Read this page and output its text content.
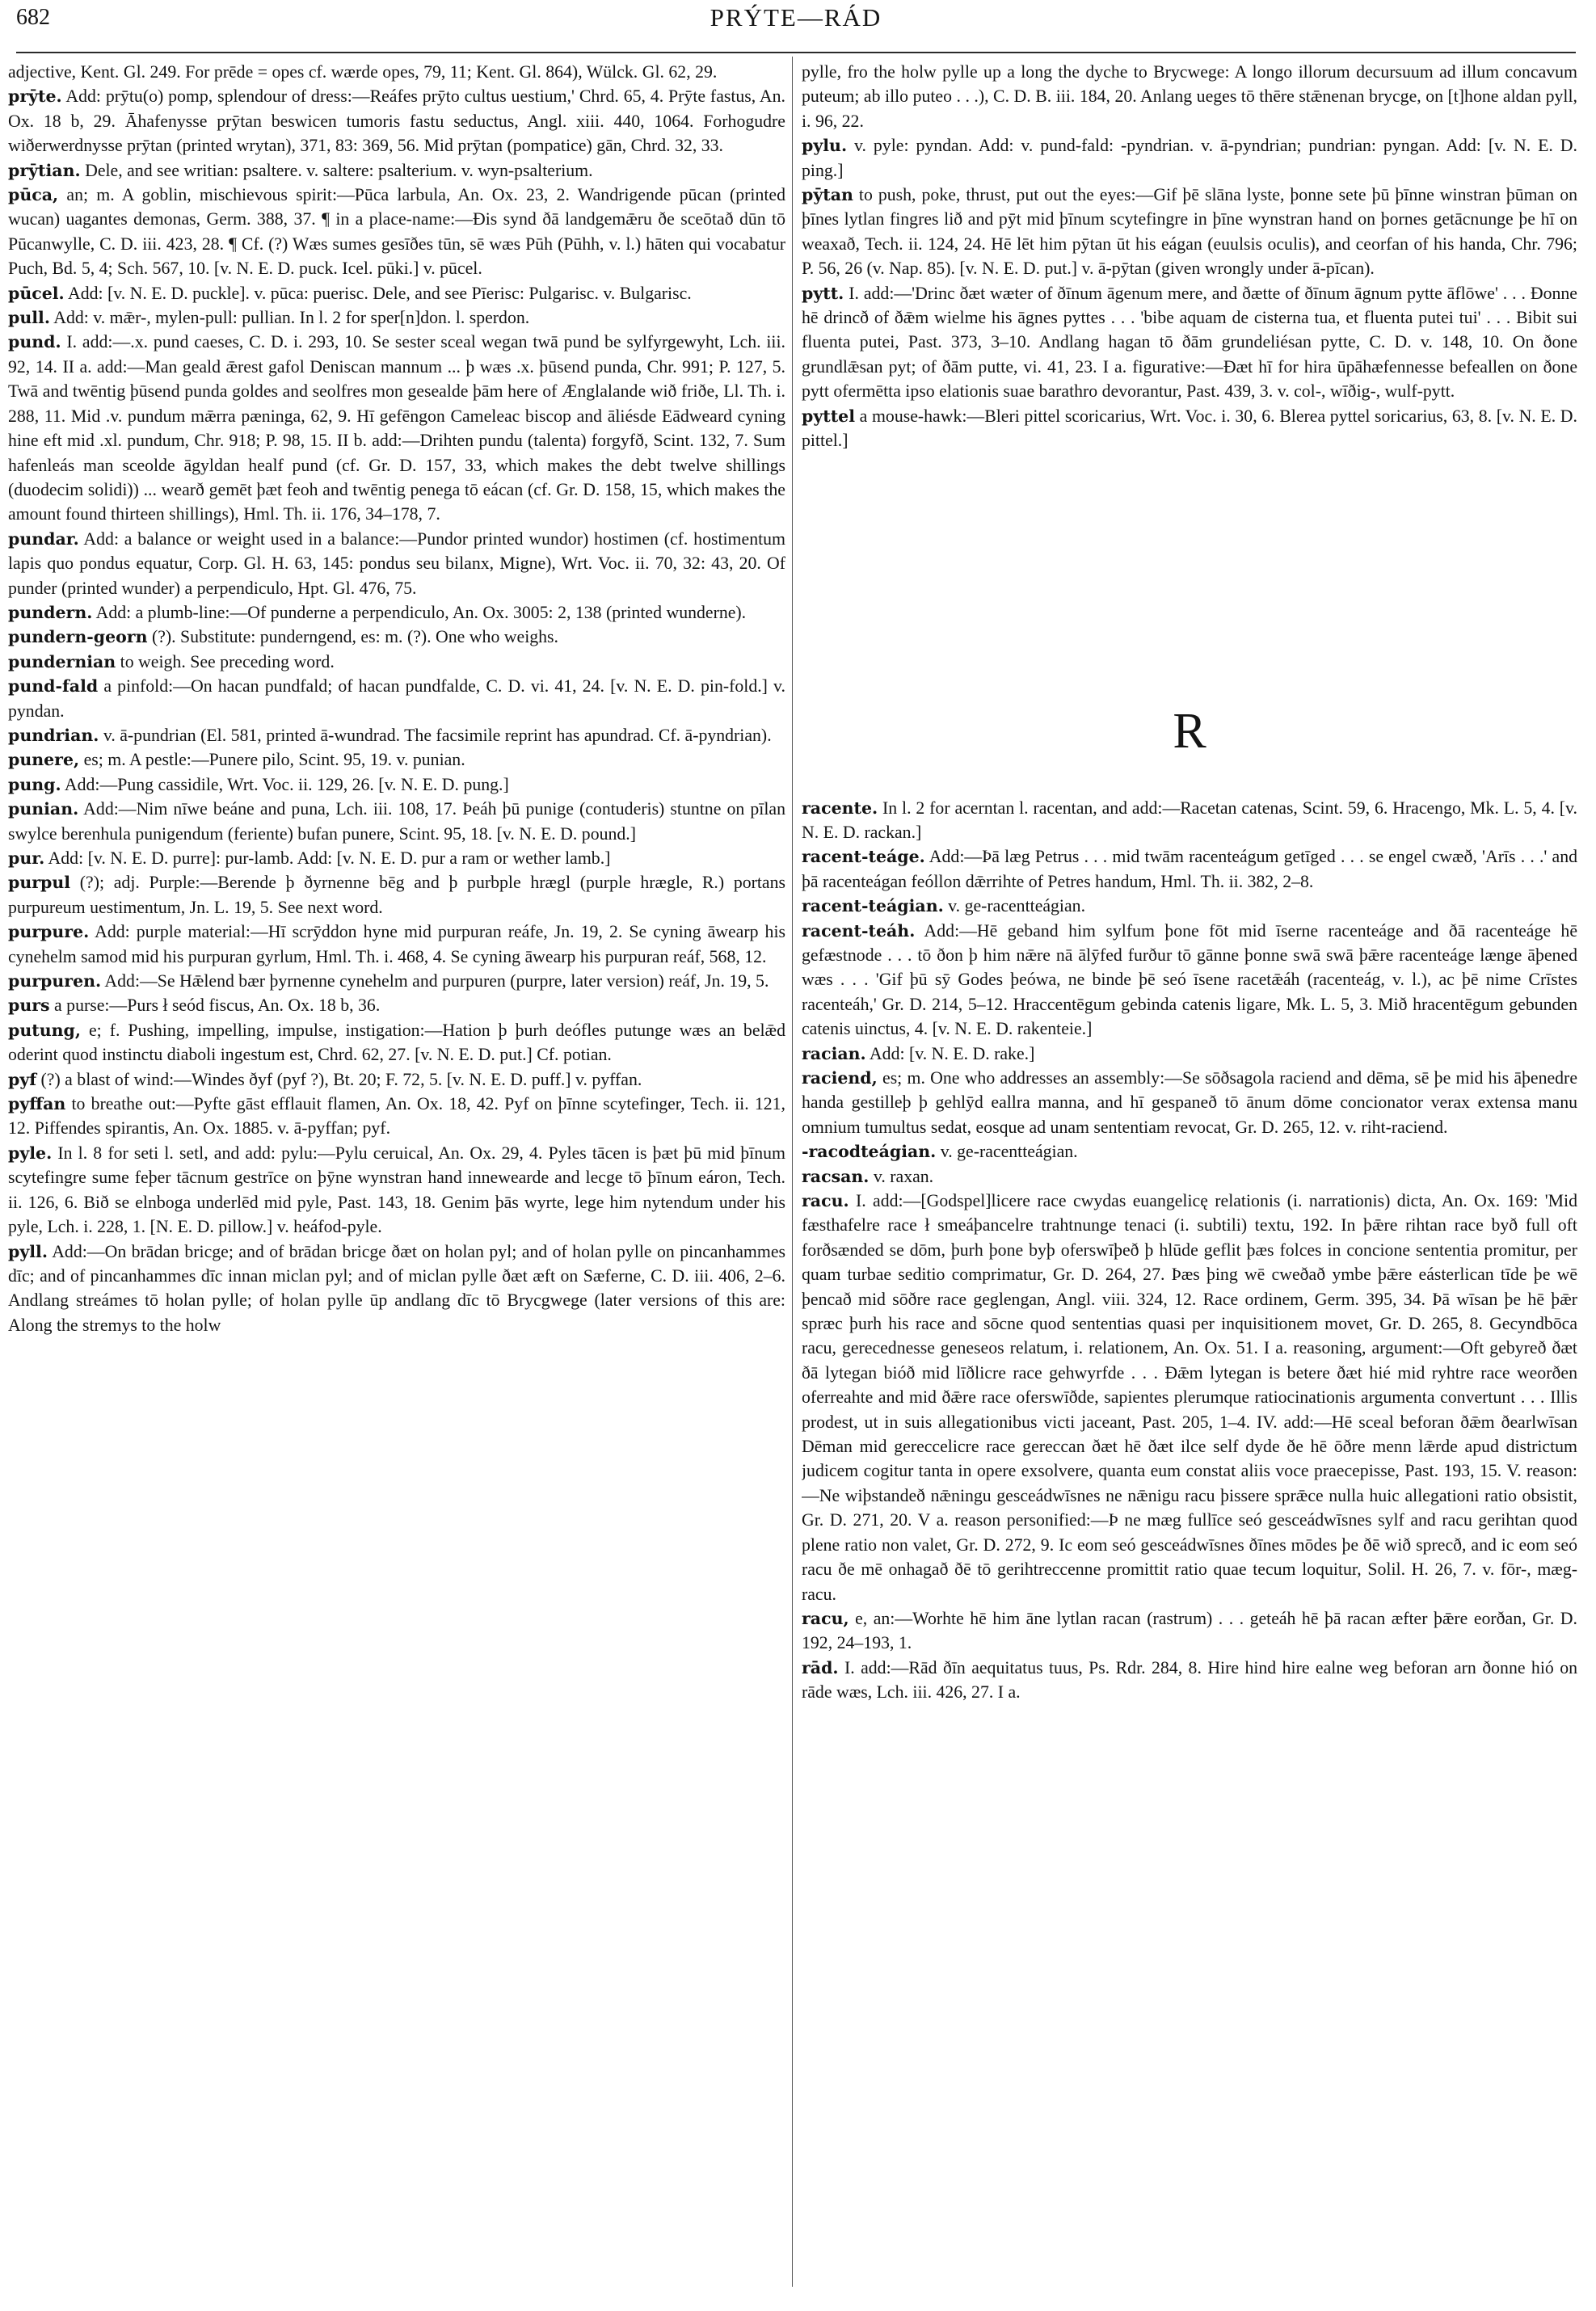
682	PRÝTE—RÁD

adjective, Kent. Gl. 249. For prēde = opes cf. wærde opes, 79, 11; Kent. Gl. 864), Wülck. Gl. 62, 29.

prȳte. Add: prȳtu(o) pomp, splendour of dress:—Reáfes prȳto cultus uestium,' Chrd. 65, 4. Prȳte fastus, An. Ox. 18 b, 29. Āhafenysse prȳtan beswicen tumoris fastu seductus, Angl. xiii. 440, 1064. Forhogudre wiðerwerdnysse prȳtan (printed wrytan), 371, 83: 369, 56. Mid prȳtan (pompatice) gān, Chrd. 32, 33.

prȳtian. Dele, and see writian: psaltere. v. saltere: psalterium. v. wyn-psalterium.

pūca, an; m. A goblin, mischievous spirit:—Pūca larbula, An. Ox. 23, 2. Wandrigende pūcan (printed wucan) uagantes demonas, Germ. 388, 37. ¶ in a place-name:—Ðis synd ðā landgemǣru ðe sceōtað dūn tō Pūcanwylle, C. D. iii. 423, 28. ¶ Cf. (?) Wæs sumes gesīðes tūn, sē wæs Pūh (Pūhh, v. l.) hāten qui vocabatur Puch, Bd. 5, 4; Sch. 567, 10. [v. N. E. D. puck. Icel. pūki.] v. pūcel.

pūcel. Add: [v. N. E. D. puckle]. v. pūca: puerisc. Dele, and see Pīerisc: Pulgarisc. v. Bulgarisc.

pull. Add: v. mǣr-, mylen-pull: pullian. In l. 2 for sper[n]don. l. sperdon.

pund. I. add:—.x. pund caeses, C. D. i. 293, 10. Se sester sceal wegan twā pund be sylfyrgewyht, Lch. iii. 92, 14. II a. add:—Man geald ǣrest gafol Deniscan mannum ... þ wæs .x. þūsend punda, Chr. 991; P. 127, 5. Twā and twēntig þūsend punda goldes and seolfres mon gesealde þām here of Ænglalande wið friðe, Ll. Th. i. 288, 11. Mid .v. pundum mǣrra pæninga, 62, 9. Hī gefēngon Cameleac biscop and āliésde Eādweard cyning hine eft mid .xl. pundum, Chr. 918; P. 98, 15. II b. add:—Drihten pundu (talenta) forgyfð, Scint. 132, 7. Sum hafenleás man sceolde āgyldan healf pund (cf. Gr. D. 157, 33, which makes the debt twelve shillings (duodecim solidi)) ... wearð gemēt þæt feoh and twēntig penega tō eácan (cf. Gr. D. 158, 15, which makes the amount found thirteen shillings), Hml. Th. ii. 176, 34–178, 7.

pundar. Add: a balance or weight used in a balance:—Pundor printed wundor) hostimen (cf. hostimentum lapis quo pondus equatur, Corp. Gl. H. 63, 145: pondus seu bilanx, Migne), Wrt. Voc. ii. 70, 32: 43, 20. Of punder (printed wunder) a perpendiculo, Hpt. Gl. 476, 75.

pundern. Add: a plumb-line:—Of punderne a perpendiculo, An. Ox. 3005: 2, 138 (printed wunderne).

pundern-georn (?). Substitute: punderngend, es: m. (?). One who weighs.

pundernian to weigh. See preceding word.

pund-fald a pinfold:—On hacan pundfald; of hacan pundfalde, C. D. vi. 41, 24. [v. N. E. D. pin-fold.] v. pyndan.

pundrian. v. ā-pundrian (El. 581, printed ā-wundrad. The facsimile reprint has apundrad. Cf. ā-pyndrian).

punere, es; m. A pestle:—Punere pilo, Scint. 95, 19. v. punian.

pung. Add:—Pung cassidile, Wrt. Voc. ii. 129, 26. [v. N. E. D. pung.]

punian. Add:—Nim nīwe beáne and puna, Lch. iii. 108, 17. Þeáh þū punige (contuderis) stuntne on pīlan swylce berenhula punigendum (feriente) bufan punere, Scint. 95, 18. [v. N. E. D. pound.]

pur. Add: [v. N. E. D. purre]: pur-lamb. Add: [v. N. E. D. pur a ram or wether lamb.]

purpul (?); adj. Purple:—Berende þ ðyrnenne bēg and þ purbple hrægl (purple hrægle, R.) portans purpureum uestimentum, Jn. L. 19, 5. See next word.

purpure. Add: purple material:—Hī scrȳddon hyne mid purpuran reáfe, Jn. 19, 2. Se cyning āwearp his cynehelm samod mid his purpuran gyrlum, Hml. Th. i. 468, 4. Se cyning āwearp his purpuran reáf, 568, 12.

purpuren. Add:—Se Hǣlend bær þyrnenne cynehelm and purpuren (purpre, later version) reáf, Jn. 19, 5.

purs a purse:—Purs ł seód fiscus, An. Ox. 18 b, 36.

putung, e; f. Pushing, impelling, impulse, instigation:—Hation þ þurh deófles putunge wæs an belǣd oderint quod instinctu diaboli ingestum est, Chrd. 62, 27. [v. N. E. D. put.] Cf. potian.

pyf (?) a blast of wind:—Windes ðyf (pyf ?), Bt. 20; F. 72, 5. [v. N. E. D. puff.] v. pyffan.

pyffan to breathe out:—Pyfte gāst efflauit flamen, An. Ox. 18, 42. Pyf on þīnne scytefinger, Tech. ii. 121, 12. Piffendes spirantis, An. Ox. 1885. v. ā-pyffan; pyf.

pyle. In l. 8 for seti l. setl, and add: pylu:—Pylu ceruical, An. Ox. 29, 4. Pyles tācen is þæt þū mid þīnum scytefingre sume feþer tācnum gestrīce on þȳne wynstran hand innewearde and lecge tō þīnum eáron, Tech. ii. 126, 6. Bið se elnboga underlēd mid pyle, Past. 143, 18. Genim þās wyrte, lege him nytendum under his pyle, Lch. i. 228, 1. [N. E. D. pillow.] v. heáfod-pyle.

pyll. Add:—On brādan bricge; and of brādan bricge ðæt on holan pyl; and of holan pylle on pincanhammes dīc; and of pincanhammes dīc innan miclan pyl; and of miclan pylle ðæt æft on Sæferne, C. D. iii. 406, 2–6. Andlang streámes tō holan pylle; of holan pylle ūp andlang dīc tō Brycgwege (later versions of this are: Along the stremys to the holw

pylle, fro the holw pylle up a long the dyche to Brycwege: A longo illorum decursuum ad illum concavum puteum; ab illo puteo . . .), C. D. B. iii. 184, 20. Anlang ueges tō thēre stǣnenan brycge, on [t]hone aldan pyll, i. 96, 22.

pylu. v. pyle: pyndan. Add: v. pund-fald: -pyndrian. v. ā-pyndrian; pundrian: pyngan. Add: [v. N. E. D. ping.]

pȳtan to push, poke, thrust, put out the eyes:—Gif þē slāna lyste, þonne sete þū þīnne winstran þūman on þīnes lytlan fingres lið and pȳt mid þīnum scytefingre in þīne wynstran hand on þornes getācnunge þe hī on weaxað, Tech. ii. 124, 24. Hē lēt him pȳtan ūt his eágan (euulsis oculis), and ceorfan of his handa, Chr. 796; P. 56, 26 (v. Nap. 85). [v. N. E. D. put.] v. ā-pȳtan (given wrongly under ā-pīcan).

pytt. I. add:—'Drinc ðæt wæter of ðīnum āgenum mere, and ðætte of ðīnum āgnum pytte āflōwe' . . . Ðonne hē drincð of ðǣm wielme his āgnes pyttes . . . 'bibe aquam de cisterna tua, et fluenta putei tui' . . . Bibit sui fluenta putei, Past. 373, 3–10. Andlang hagan tō ðām grundeliésan pytte, C. D. v. 148, 10. On ðone grundlǣsan pyt; of ðām putte, vi. 41, 23. I a. figurative:—Ðæt hī for hira ūpāhæfennesse befeallen on ðone pytt ofermētta ipso elationis suae barathro devorantur, Past. 439, 3. v. col-, wīðig-, wulf-pytt.

pyttel a mouse-hawk:—Bleri pittel scoricarius, Wrt. Voc. i. 30, 6. Blerea pyttel soricarius, 63, 8. [v. N. E. D. pittel.]

R

racente. In l. 2 for acerntan l. racentan, and add:—Racetan catenas, Scint. 59, 6. Hracengo, Mk. L. 5, 4. [v. N. E. D. rackan.]

racent-teáge. Add:—Þā læg Petrus . . . mid twām racenteágum getīged . . . se engel cwæð, 'Arīs . . .' and þā racenteágan feóllon dǣrrihte of Petres handum, Hml. Th. ii. 382, 2–8.

racent-teágian. v. ge-racentteágian.

racent-teáh. Add:—Hē geband him sylfum þone fōt mid īserne racenteáge and ðā racenteáge hē gefæstnode . . . tō ðon þ him nǣre nā ālȳfed furður tō gānne þonne swā swā þǣre racenteáge længe āþened wæs . . . 'Gif þū sȳ Godes þeówa, ne binde þē seó īsene racetǣáh (racenteág, v. l.), ac þē nime Crīstes racenteáh,' Gr. D. 214, 5–12. Hraccentēgum gebinda catenis ligare, Mk. L. 5, 3. Mið hracentēgum gebunden catenis uinctus, 4. [v. N. E. D. rakenteie.]

racian. Add: [v. N. E. D. rake.]

raciend, es; m. One who addresses an assembly:—Se sōðsagola raciend and dēma, sē þe mid his āþenedre handa gestilleþ þ gehlȳd eallra manna, and hī gespaneð tō ānum dōme concionator verax extensa manu omnium tumultus sedat, eosque ad unam sententiam revocat, Gr. D. 265, 12. v. riht-raciend.

-racodteágian. v. ge-racentteágian.

racsan. v. raxan.

racu. I. add:—[Godspel]licere race cwydas euangelicę relationis (i. narrationis) dicta, An. Ox. 169: 'Mid fæsthafelre race ł smeáþancelre trahtnunge tenaci (i. subtili) textu, 192. In þǣre rihtan race byð full oft forðsænded se dōm, þurh þone byþ oferswīþeð þ hlūde geflit þæs folces in concione sententia promitur, per quam turbae seditio comprimatur, Gr. D. 264, 27. Þæs þing wē cweðað ymbe þǣre eásterlican tīde þe wē þencað mid sōðre race geglengan, Angl. viii. 324, 12. Race ordinem, Germ. 395, 34. Þā wīsan þe hē þǣr spræc þurh his race and sōcne quod sententias quasi per inquisitionem movet, Gr. D. 265, 8. Gecyndbōca racu, gerecednesse geneseos relatum, i. relationem, An. Ox. 51. I a. reasoning, argument:—Oft gebyreð ðæt ðā lytegan bióð mid līðlicre race gehwyrfde . . . Ðǣm lytegan is betere ðæt hié mid ryhtre race weorðen oferreahte and mid ðǣre race oferswīðde, sapientes plerumque ratiocinationis argumenta convertunt . . . Illis prodest, ut in suis allegationibus victi jaceant, Past. 205, 1–4. IV. add:—Hē sceal beforan ðǣm ðearlwīsan Dēman mid gereccelicre race gereccan ðæt hē ðæt ilce self dyde ðe hē ōðre menn lǣrde apud districtum judicem cogitur tanta in opere exsolvere, quanta eum constat aliis voce praecepisse, Past. 193, 15. V. reason:—Ne wiþstandeð nǣningu gesceádwīsnes ne nǣnigu racu þissere sprǣce nulla huic allegationi ratio obsistit, Gr. D. 271, 20. V a. reason personified:—Þ ne mæg fullīce seó gesceádwīsnes sylf and racu gerihtan quod plene ratio non valet, Gr. D. 272, 9. Ic eom seó gesceádwīsnes ðīnes mōdes þe ðē wið sprecð, and ic eom seó racu ðe mē onhagað ðē tō gerihtreccenne promittit ratio quae tecum loquitur, Solil. H. 26, 7. v. fōr-, mæg-racu.

racu, e, an:—Worhte hē him āne lytlan racan (rastrum) . . . geteáh hē þā racan æfter þǣre eorðan, Gr. D. 192, 24–193, 1.

rād. I. add:—Rād ðīn aequitatus tuus, Ps. Rdr. 284, 8. Hire hind hire ealne weg beforan arn ðonne hió on rāde wæs, Lch. iii. 426, 27. I a.
